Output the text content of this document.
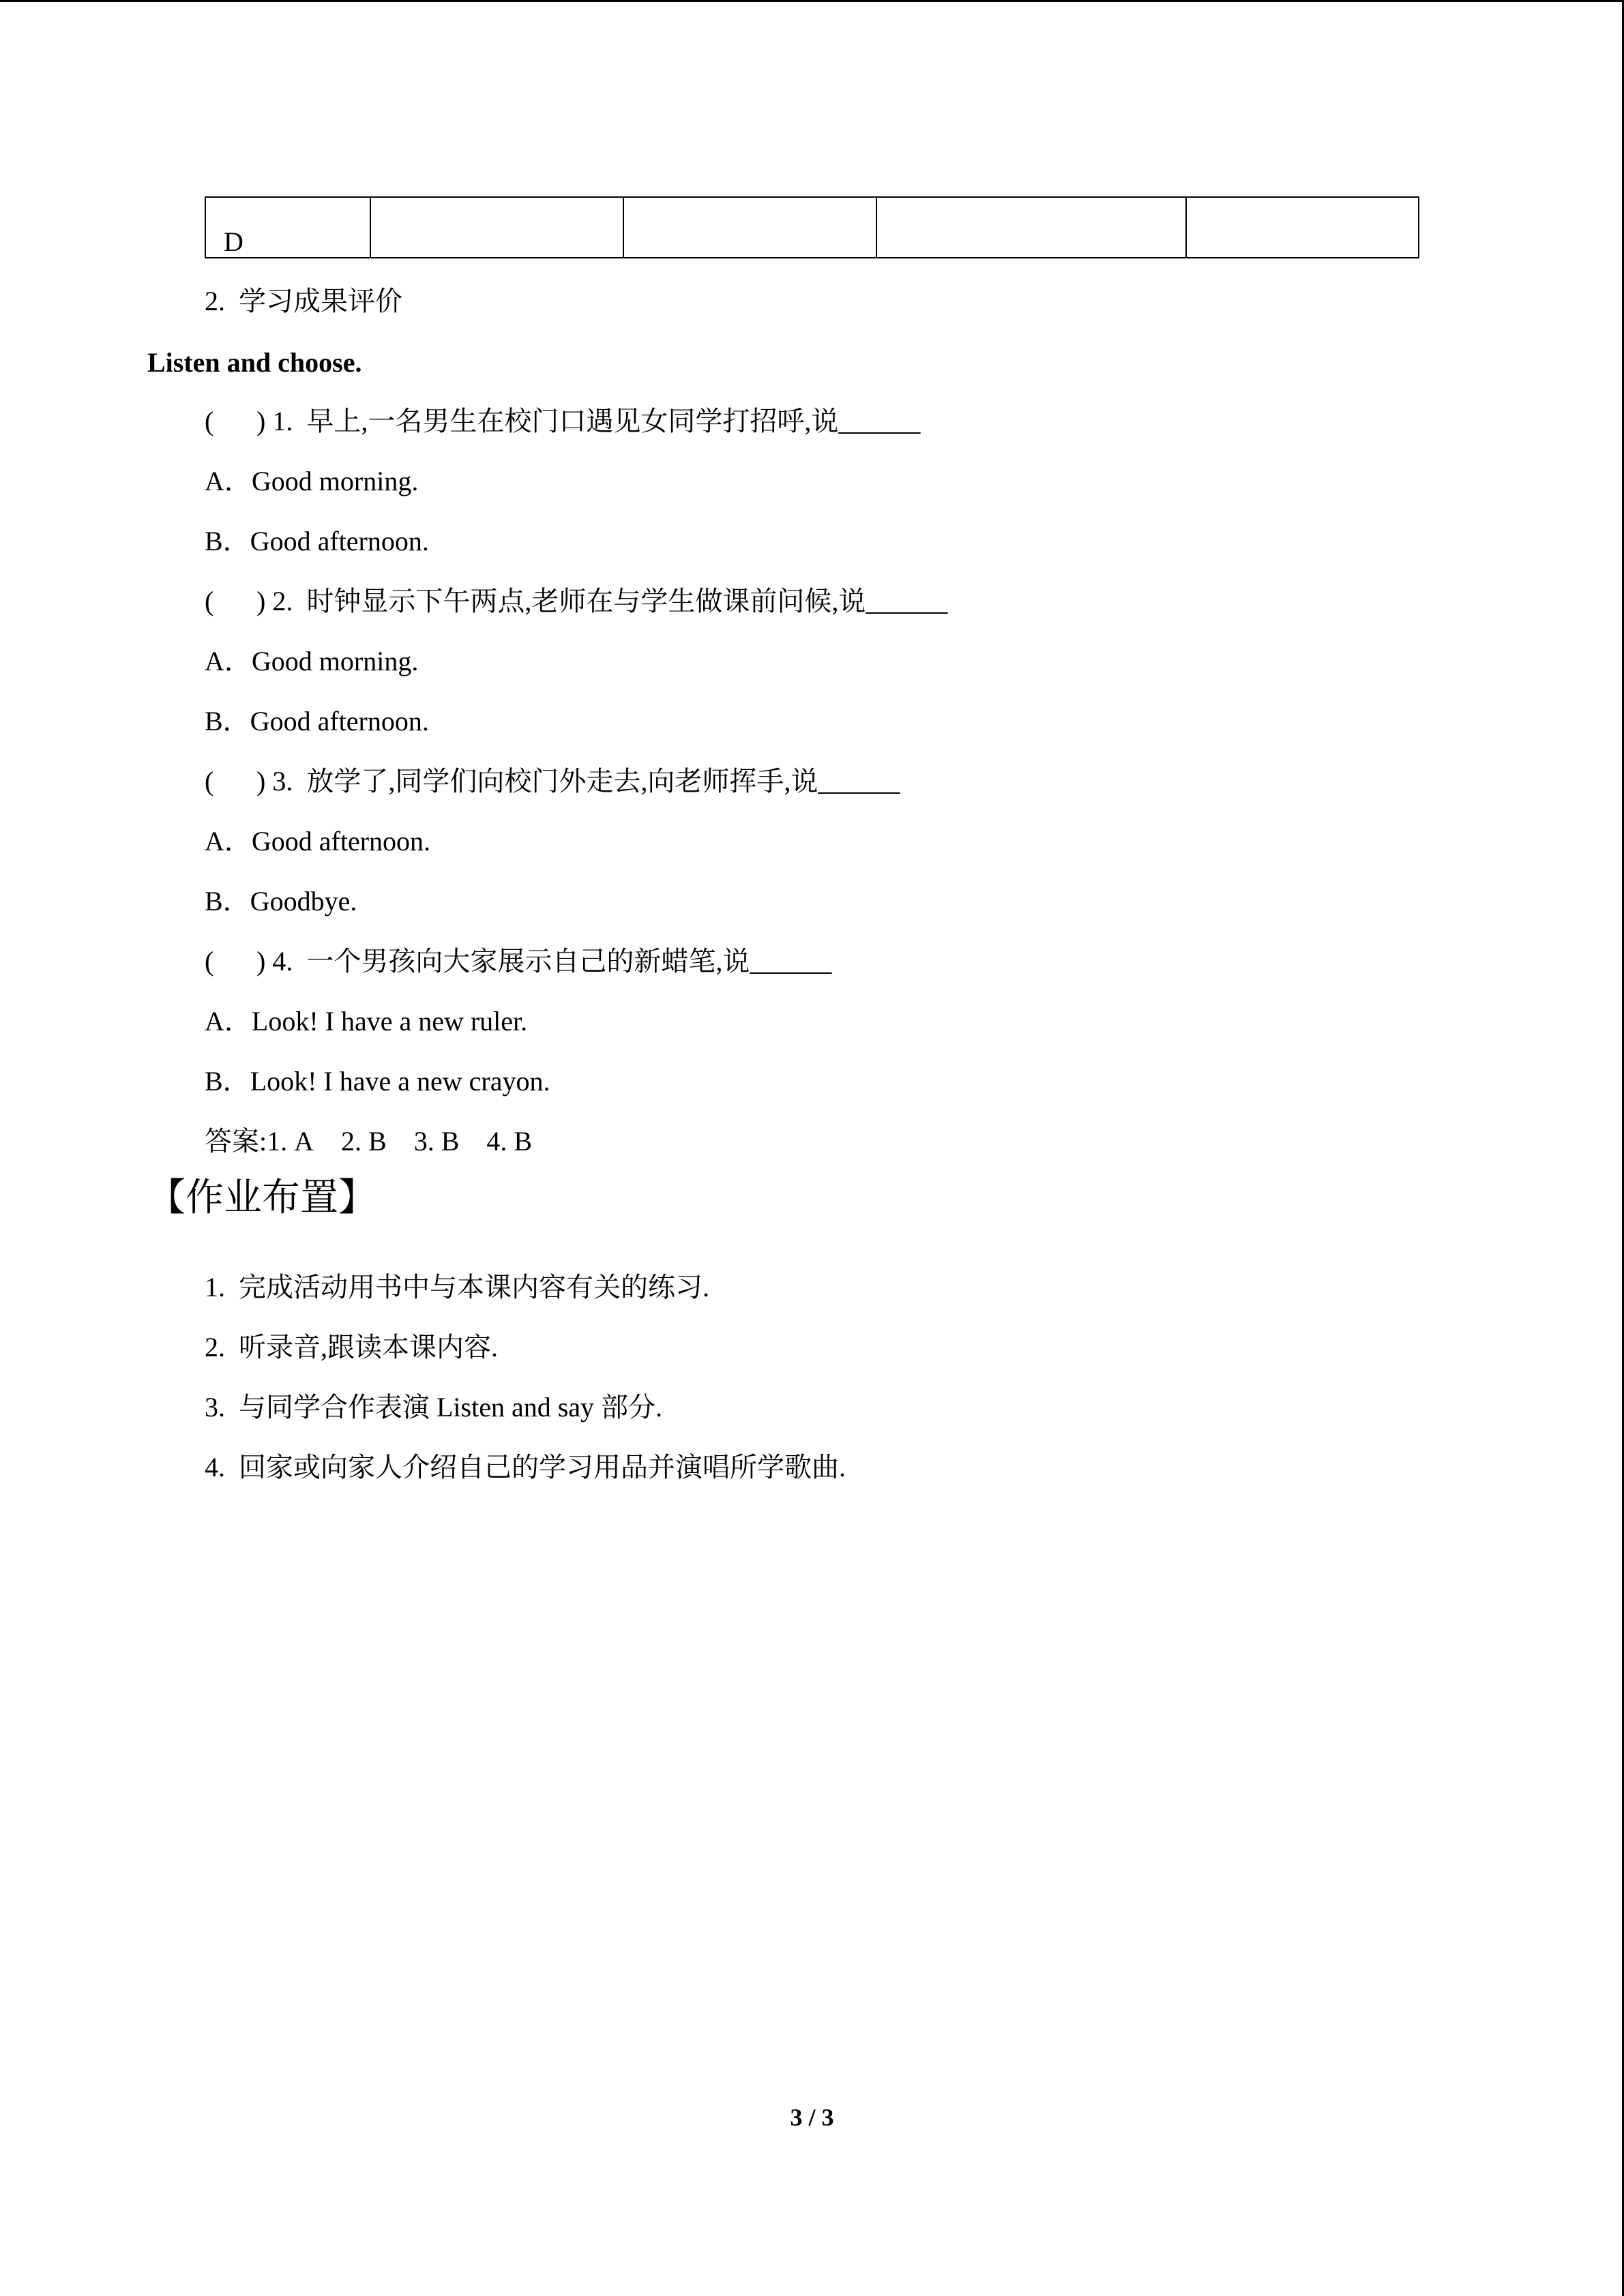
D				
2.  学习成果评价
Listen and choose.
( ) 1.  早上,一名男生在校门口遇见女同学打招呼,说______
A．Good morning.
B．Good afternoon.
( ) 2.  时钟显示下午两点,老师在与学生做课前问候,说______
A．Good morning.
B．Good afternoon.
( ) 3.  放学了,同学们向校门外走去,向老师挥手,说______
A．Good afternoon.
B．Goodbye.
( ) 4.  一个男孩向大家展示自己的新蜡笔,说______
A．Look! I have a new ruler.
B．Look! I have a new crayon.
答案:1. A 2. B 3. B 4. B
【作业布置】
1.  完成活动用书中与本课内容有关的练习.
2.  听录音,跟读本课内容.
3.  与同学合作表演 Listen and say 部分.
4.  回家或向家人介绍自己的学习用品并演唱所学歌曲.
3 / 3
